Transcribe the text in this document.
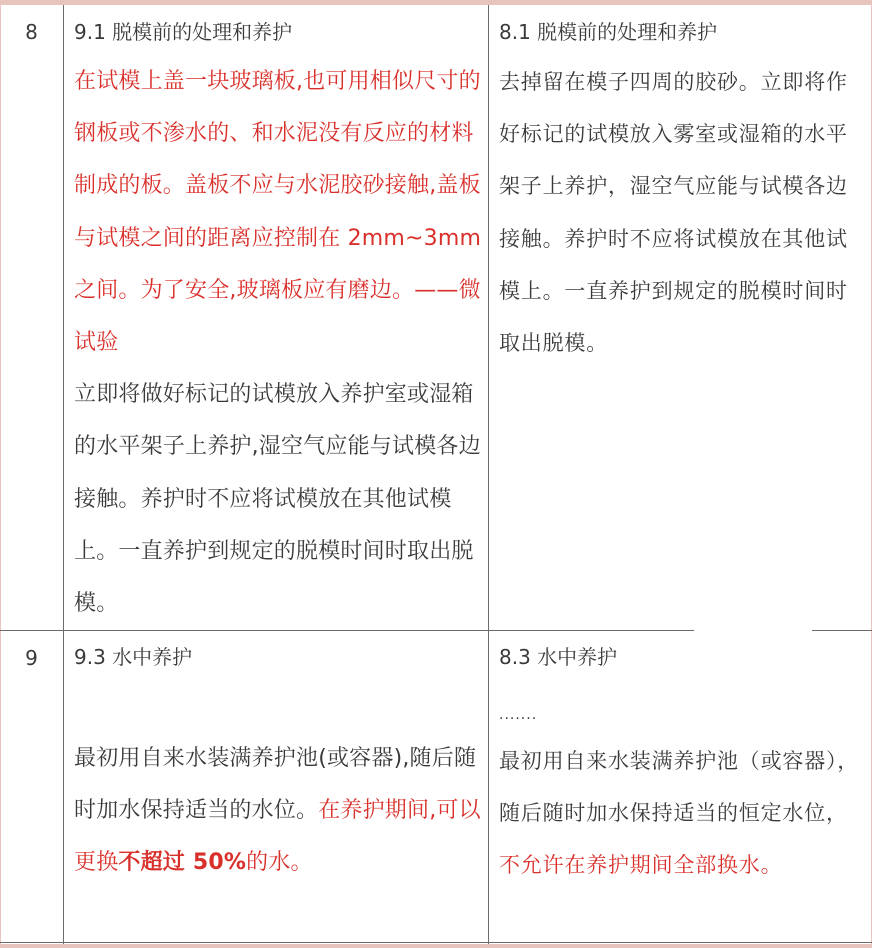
8	9.1 脱模前的处理和养护

在试模上盖一块玻璃板,也可用相似尺寸的钢板或不渗水的、和水泥没有反应的材料制成的板。盖板不应与水泥胶砂接触,盖板与试模之间的距离应控制在 2mm~3mm 之间。为了安全,玻璃板应有磨边。——微试验

立即将做好标记的试模放入养护室或湿箱的水平架子上养护,湿空气应能与试模各边接触。养护时不应将试模放在其他试模上。一直养护到规定的脱模时间时取出脱模。

8.1 脱模前的处理和养护
去掉留在模子四周的胶砂。立即将作好标记的试模放入雾室或湿箱的水平架子上养护，湿空气应能与试模各边接触。养护时不应将试模放在其他试模上。一直养护到规定的脱模时间时取出脱模。
9	9.3 水中养护
最初用自来水装满养护池(或容器),随后随时加水保持适当的水位。在养护期间,可以更换不超过 50%的水。
8.3 水中养护
.......
最初用自来水装满养护池（或容器），随后随时加水保持适当的恒定水位，不允许在养护期间全部换水。
